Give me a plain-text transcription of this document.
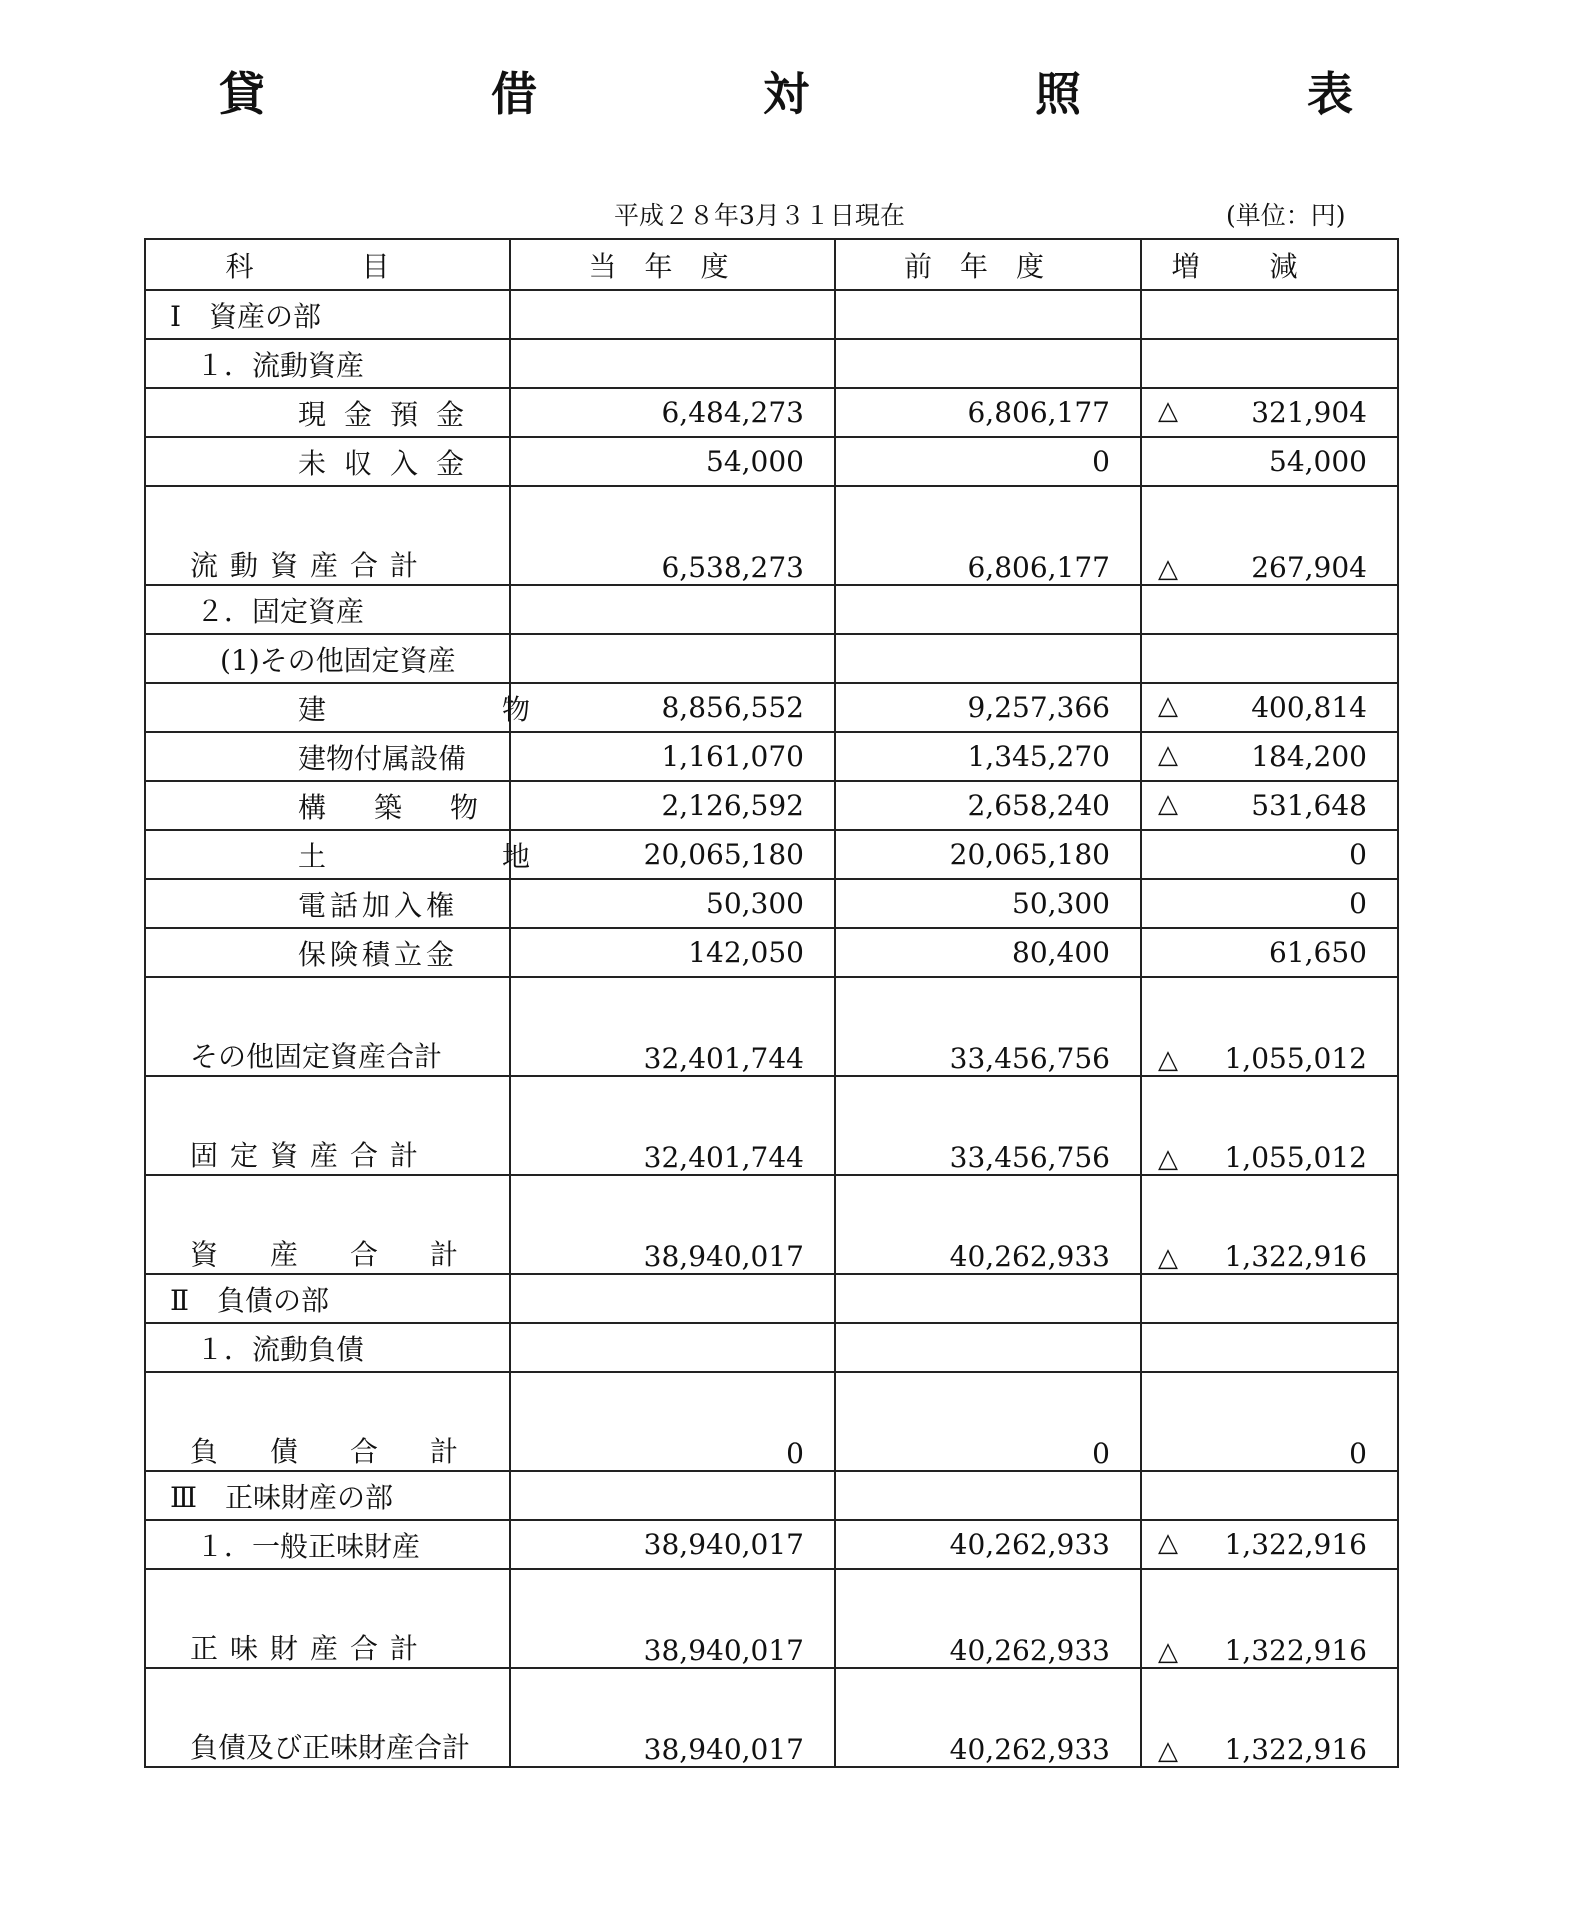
貸　借　対　照　表
平成２８年3月３１日現在	(単位：円)
科　目	当年度	前年度	増減
Ⅰ　資産の部			
１．流動資産			
現金預金	6,484,273	6,806,177	△ 321,904

未収入金	54,000	0	54,000

流動資産合計	6,538,273	6,806,177	△ 267,904

２．固定資産			
(1)その他固定資産			
建　　物	8,856,552	9,257,366	△ 400,814

建物付属設備	1,161,070	1,345,270	△ 184,200

構　築　物	2,126,592	2,658,240	△ 531,648

土　　地	20,065,180	20,065,180	0

電話加入権	50,300	50,300	0

保険積立金	142,050	80,400	61,650

その他固定資産合計	32,401,744	33,456,756	△ 1,055,012

固定資産合計	32,401,744	33,456,756	△ 1,055,012

資　産　合　計	38,940,017	40,262,933	△ 1,322,916

Ⅱ　負債の部			
１．流動負債			
負　債　合　計	0	0	0

Ⅲ　正味財産の部			
１．一般正味財産	38,940,017	40,262,933	△ 1,322,916

正味財産合計	38,940,017	40,262,933	△ 1,322,916

負債及び正味財産合計	38,940,017	40,262,933	△ 1,322,916
